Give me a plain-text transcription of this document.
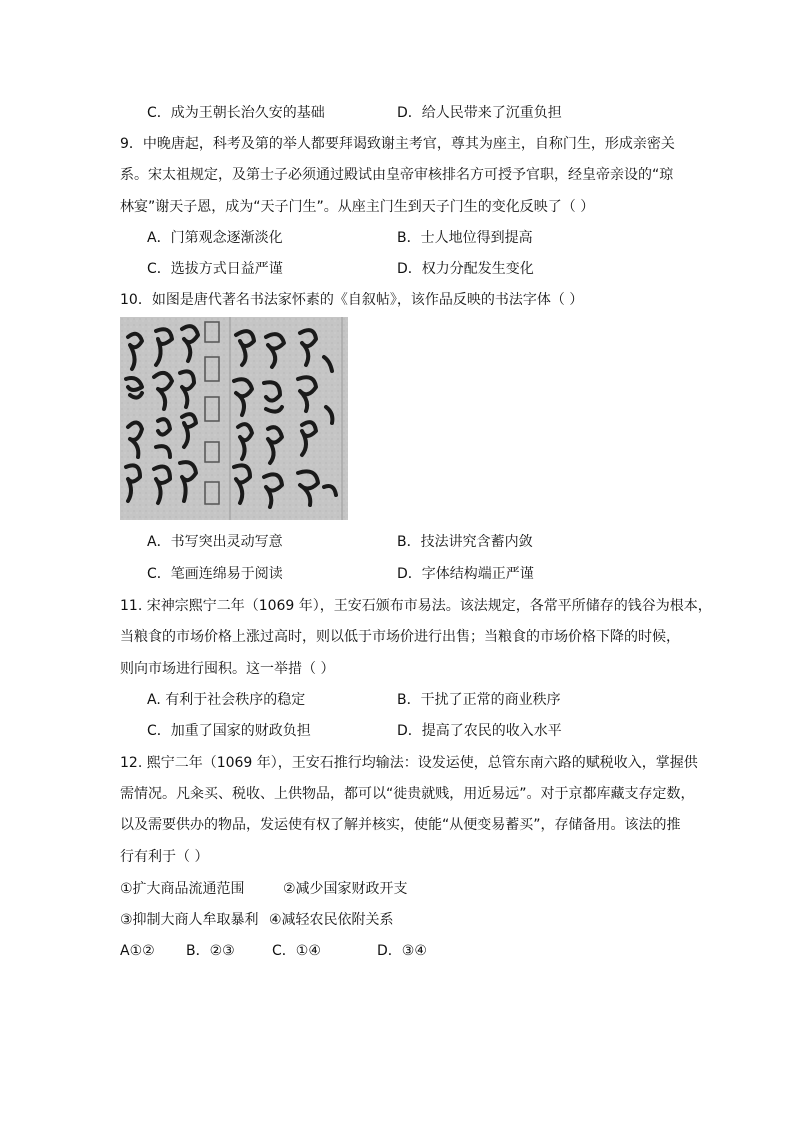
C．成为王朝长治久安的基础	D．给人民带来了沉重负担
9．中晚唐起，科考及第的举人都要拜谒致谢主考官，尊其为座主，自称门生，形成亲密关
系。宋太祖规定，及第士子必须通过殿试由皇帝审核排名方可授予官职，经皇帝亲设的“琼
林宴”谢天子恩，成为“天子门生”。从座主门生到天子门生的变化反映了（ ）
A．门第观念逐渐淡化	B．士人地位得到提高
C．选拔方式日益严谨	D．权力分配发生变化
10．如图是唐代著名书法家怀素的《自叙帖》，该作品反映的书法字体（ ）
A．书写突出灵动写意	B．技法讲究含蓄内敛
C．笔画连绵易于阅读	D．字体结构端正严谨
11. 宋神宗熙宁二年（1069 年），王安石颁布市易法。该法规定，各常平所储存的钱谷为根本，
当粮食的市场价格上涨过高时，则以低于市场价进行出售；当粮食的市场价格下降的时候，
则向市场进行囤积。这一举措（ ）
A. 有利于社会秩序的稳定	B．干扰了正常的商业秩序
C．加重了国家的财政负担	D．提高了农民的收入水平
12. 熙宁二年（1069 年），王安石推行均输法：设发运使，总管东南六路的赋税收入，掌握供
需情况。凡籴买、税收、上供物品，都可以“徙贵就贱，用近易远”。对于京都库藏支存定数，
以及需要供办的物品，发运使有权了解并核实，使能“从便变易蓄买”，存储备用。该法的推
行有利于（ ）
①扩大商品流通范围	②减少国家财政开支
③抑制大商人牟取暴利 ④减轻农民依附关系
A①② B．②③	C．①④	D．③④
